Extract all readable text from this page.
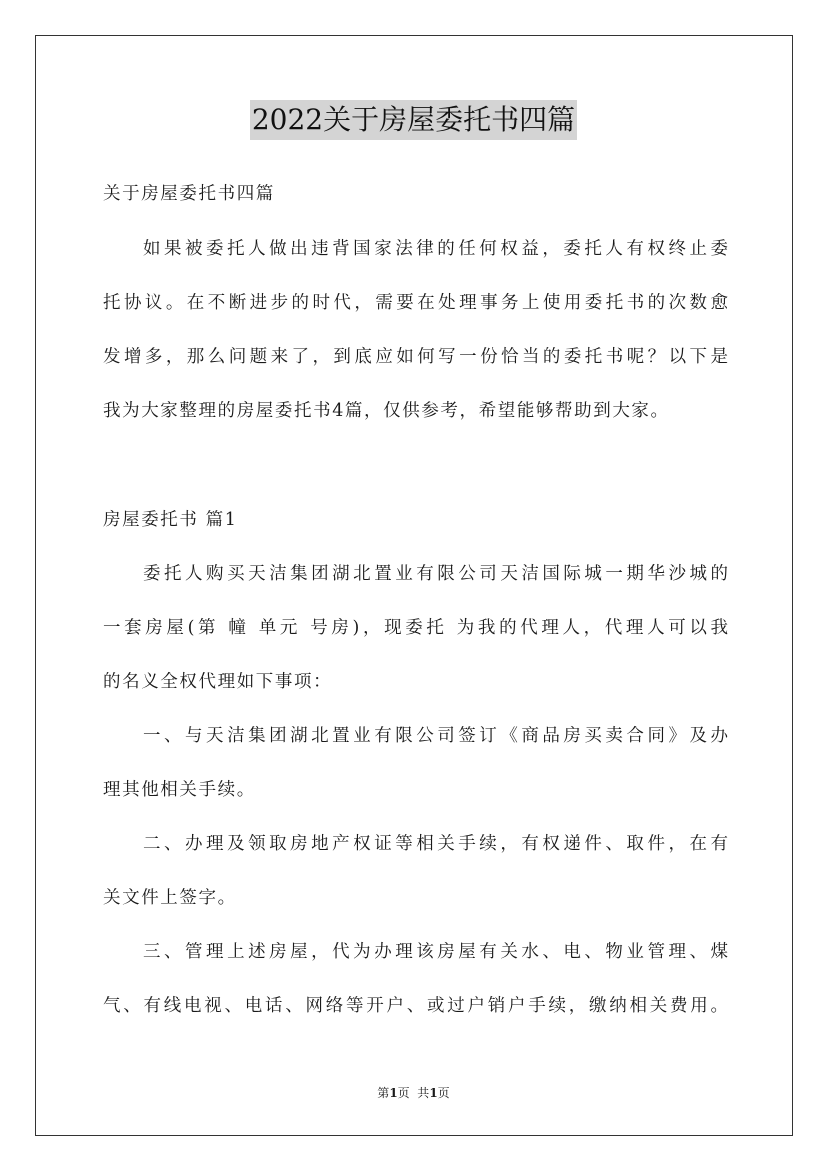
2022关于房屋委托书四篇
关于房屋委托书四篇
如果被委托人做出违背国家法律的任何权益，委托人有权终止委
托协议。在不断进步的时代，需要在处理事务上使用委托书的次数愈
发增多，那么问题来了，到底应如何写一份恰当的委托书呢？以下是
我为大家整理的房屋委托书4篇，仅供参考，希望能够帮助到大家。
房屋委托书 篇1
委托人购买天洁集团湖北置业有限公司天洁国际城一期华沙城的
一套房屋(第 幢 单元 号房)，现委托 为我的代理人，代理人可以我
的名义全权代理如下事项：
一、与天洁集团湖北置业有限公司签订《商品房买卖合同》及办
理其他相关手续。
二、办理及领取房地产权证等相关手续，有权递件、取件，在有
关文件上签字。
三、管理上述房屋，代为办理该房屋有关水、电、物业管理、煤
气、有线电视、电话、网络等开户、或过户销户手续，缴纳相关费用。
第1页  共1页
